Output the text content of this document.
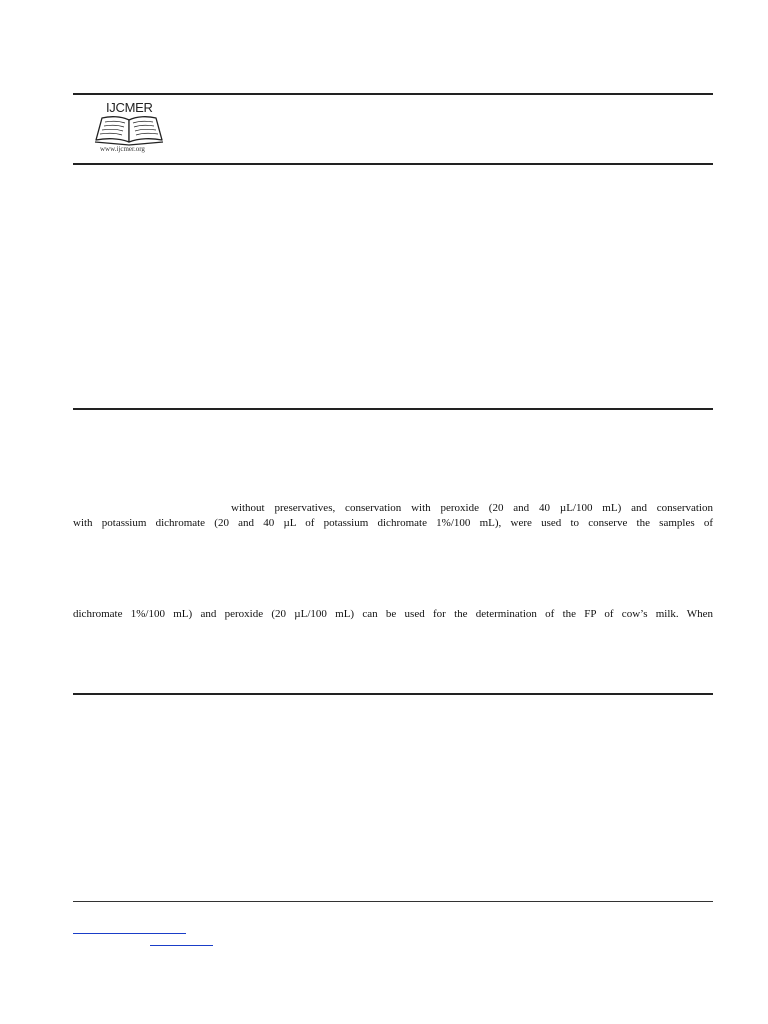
IJCMER
www.ijcmer.org
without preservatives, conservation with peroxide (20 and 40 µL/100 mL) and conservation
with potassium dichromate (20 and 40 µL of potassium dichromate 1%/100 mL), were used to conserve the samples of
dichromate 1%/100 mL) and peroxide (20 µL/100 mL) can be used for the determination of the FP of cow’s milk. When
